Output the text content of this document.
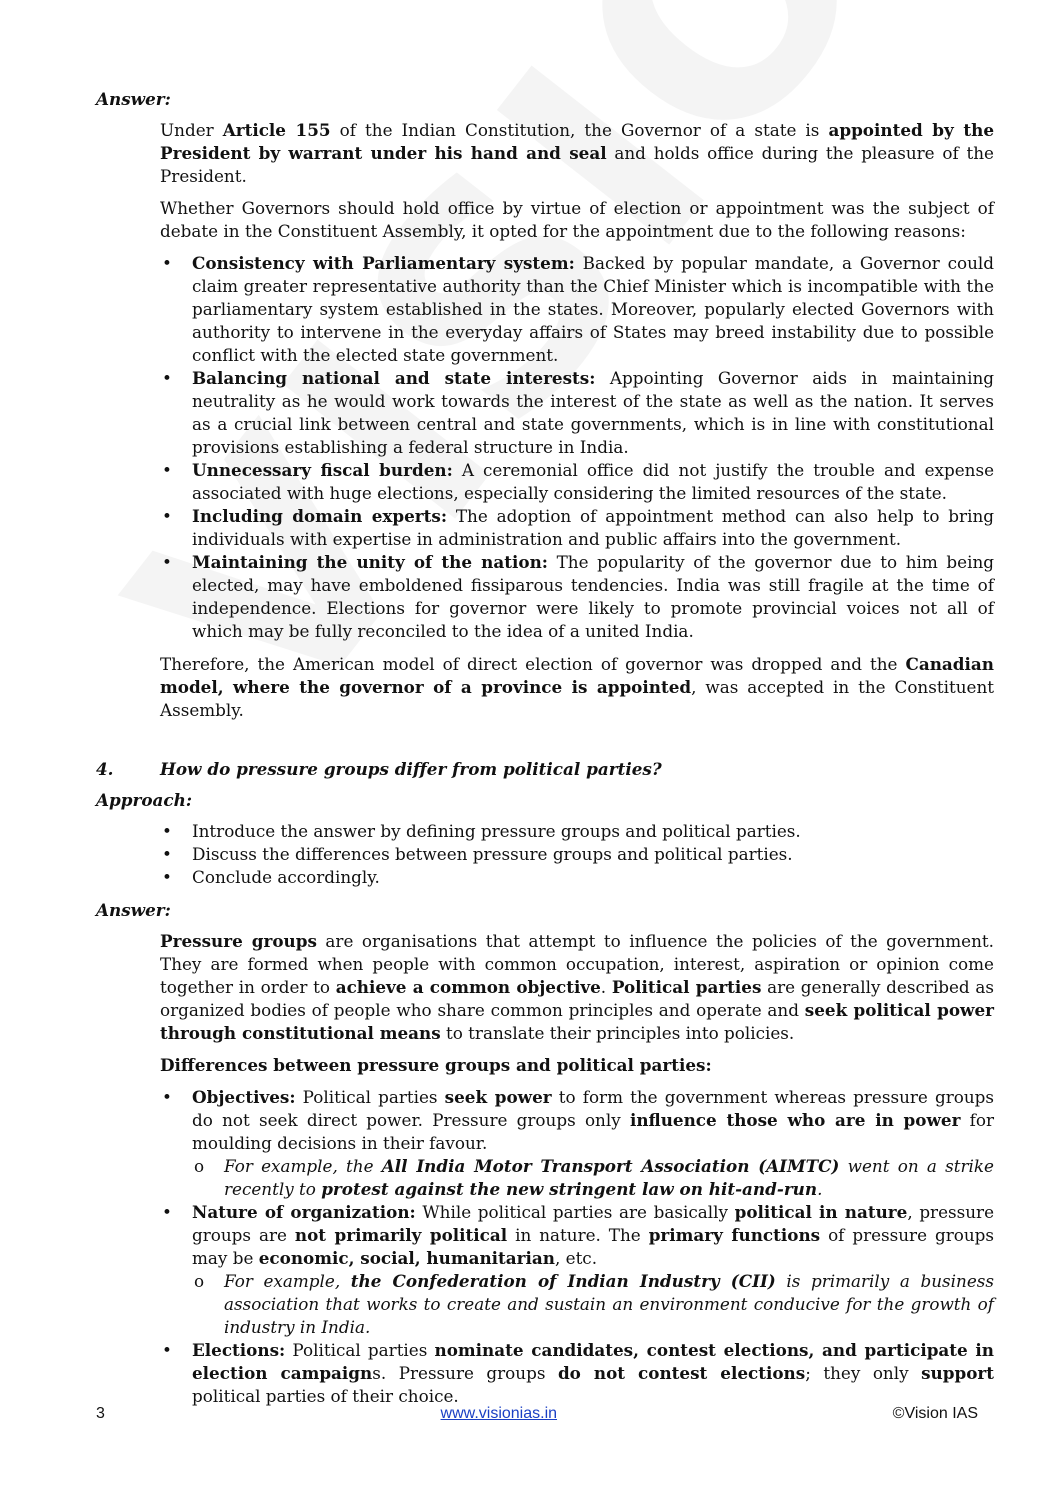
Answer:

Under Article 155 of the Indian Constitution, the Governor of a state is appointed by the President by warrant under his hand and seal and holds office during the pleasure of the President.

Whether Governors should hold office by virtue of election or appointment was the subject of debate in the Constituent Assembly, it opted for the appointment due to the following reasons:

• Consistency with Parliamentary system: Backed by popular mandate, a Governor could claim greater representative authority than the Chief Minister which is incompatible with the parliamentary system established in the states. Moreover, popularly elected Governors with authority to intervene in the everyday affairs of States may breed instability due to possible conflict with the elected state government.
• Balancing national and state interests: Appointing Governor aids in maintaining neutrality as he would work towards the interest of the state as well as the nation. It serves as a crucial link between central and state governments, which is in line with constitutional provisions establishing a federal structure in India.
• Unnecessary fiscal burden: A ceremonial office did not justify the trouble and expense associated with huge elections, especially considering the limited resources of the state.
• Including domain experts: The adoption of appointment method can also help to bring individuals with expertise in administration and public affairs into the government.
• Maintaining the unity of the nation: The popularity of the governor due to him being elected, may have emboldened fissiparous tendencies. India was still fragile at the time of independence. Elections for governor were likely to promote provincial voices not all of which may be fully reconciled to the idea of a united India.

Therefore, the American model of direct election of governor was dropped and the Canadian model, where the governor of a province is appointed, was accepted in the Constituent Assembly.

4.	How do pressure groups differ from political parties?
Approach:
• Introduce the answer by defining pressure groups and political parties.
• Discuss the differences between pressure groups and political parties.
• Conclude accordingly.
Answer:

Pressure groups are organisations that attempt to influence the policies of the government. They are formed when people with common occupation, interest, aspiration or opinion come together in order to achieve a common objective. Political parties are generally described as organized bodies of people who share common principles and operate and seek political power through constitutional means to translate their principles into policies.

Differences between pressure groups and political parties:

• Objectives: Political parties seek power to form the government whereas pressure groups do not seek direct power. Pressure groups only influence those who are in power for moulding decisions in their favour.
o For example, the All India Motor Transport Association (AIMTC) went on a strike recently to protest against the new stringent law on hit-and-run.
• Nature of organization: While political parties are basically political in nature, pressure groups are not primarily political in nature. The primary functions of pressure groups may be economic, social, humanitarian, etc.
o For example, the Confederation of Indian Industry (CII) is primarily a business association that works to create and sustain an environment conducive for the growth of industry in India.
• Elections: Political parties nominate candidates, contest elections, and participate in election campaigns. Pressure groups do not contest elections; they only support political parties of their choice.
3	www.visionias.in	©Vision IAS
